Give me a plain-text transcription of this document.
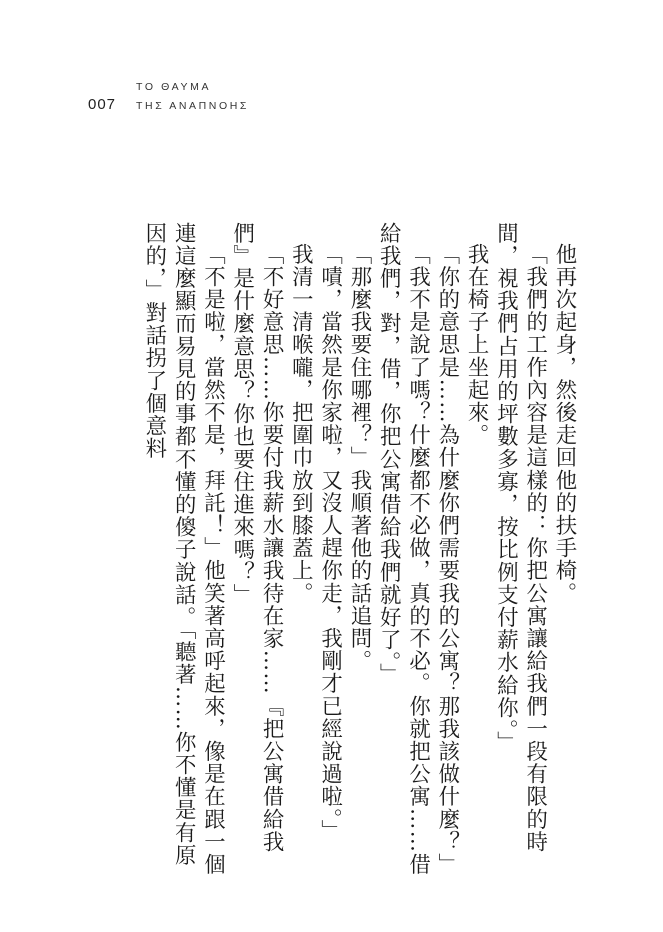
007
ΤΟ ΘΑΥΜΑ
ΤΗΣ ΑΝΑΠΝΟΗΣ

他再次起身，然後走回他的扶手椅。

「我們的工作內容是這樣的：你把公寓讓給我們一段有限的時間，視我們占用的坪數多寡，按比例支付薪水給你。」

我在椅子上坐起來。

「你的意思是……為什麼你們需要我的公寓？那我該做什麼？」

「我不是說了嗎？什麼都不必做，真的不必。你就把公寓……借給我們，對，借，你把公寓借給我們就好了。」

「那麼我要住哪裡？」我順著他的話追問。

「嘖，當然是你家啦，又沒人趕你走，我剛才已經說過啦。」

我清一清喉嚨，把圍巾放到膝蓋上。

「不好意思……你要付我薪水讓我待在家……『把公寓借給我們』是什麼意思？你也要住進來嗎？」

「不是啦，當然不是，拜託！」他笑著高呼起來，像是在跟一個連這麼顯而易見的事都不懂的傻子說話。「聽著……你不懂是有原因的，」對話拐了個意料
